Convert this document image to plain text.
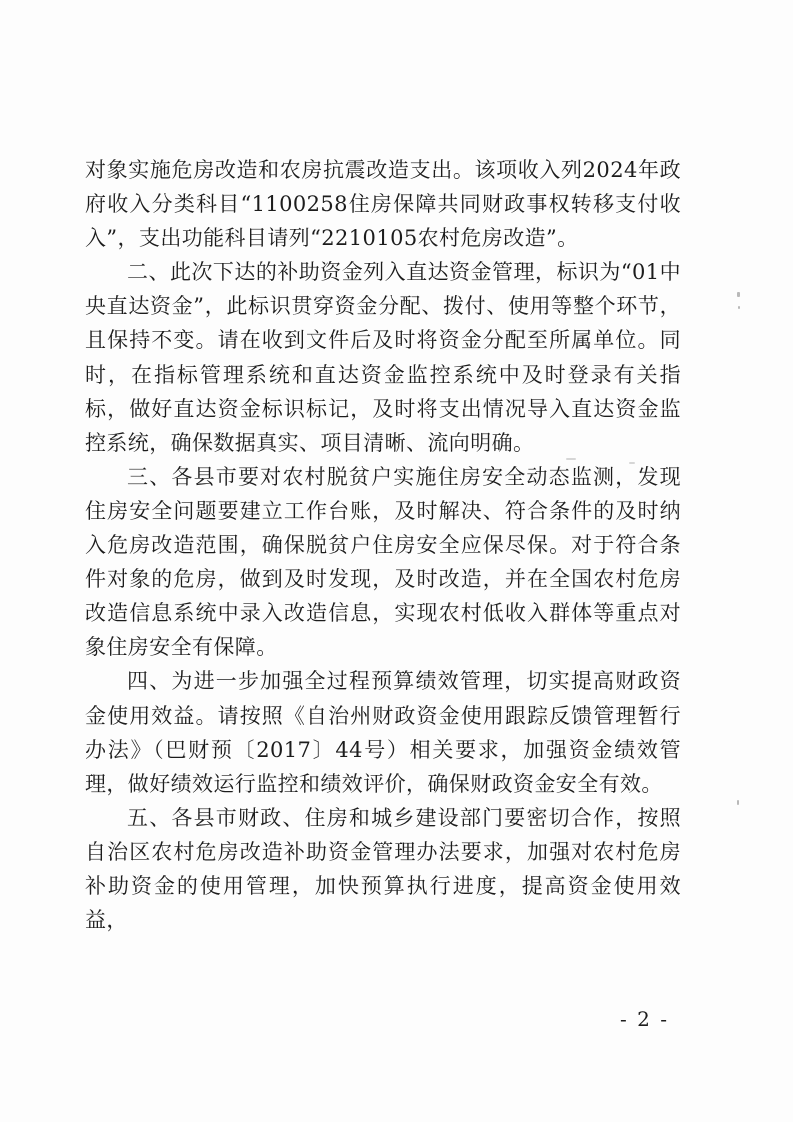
对象实施危房改造和农房抗震改造支出。该项收入列2024年政府收入分类科目“1100258住房保障共同财政事权转移支付收入”，支出功能科目请列“2210105农村危房改造”。

二、此次下达的补助资金列入直达资金管理，标识为“01中央直达资金”，此标识贯穿资金分配、拨付、使用等整个环节，且保持不变。请在收到文件后及时将资金分配至所属单位。同时，在指标管理系统和直达资金监控系统中及时登录有关指标，做好直达资金标识标记，及时将支出情况导入直达资金监控系统，确保数据真实、项目清晰、流向明确。

三、各县市要对农村脱贫户实施住房安全动态监测，发现住房安全问题要建立工作台账，及时解决、符合条件的及时纳入危房改造范围，确保脱贫户住房安全应保尽保。对于符合条件对象的危房，做到及时发现，及时改造，并在全国农村危房改造信息系统中录入改造信息，实现农村低收入群体等重点对象住房安全有保障。

四、为进一步加强全过程预算绩效管理，切实提高财政资金使用效益。请按照《自治州财政资金使用跟踪反馈管理暂行办法》（巴财预〔2017〕44号）相关要求，加强资金绩效管理，做好绩效运行监控和绩效评价，确保财政资金安全有效。

五、各县市财政、住房和城乡建设部门要密切合作，按照自治区农村危房改造补助资金管理办法要求，加强对农村危房补助资金的使用管理，加快预算执行进度，提高资金使用效益，

- 2 -
